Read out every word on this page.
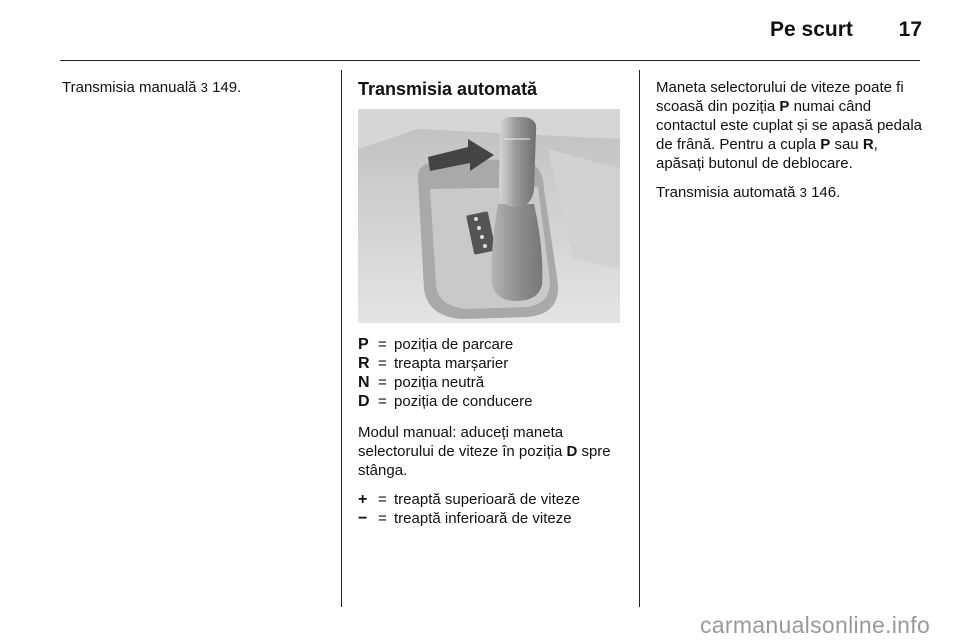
Pe scurt 17

Transmisia manuală 3 149.	Transmisia automată
P = poziția de parcare
R = treapta marșarier
N = poziția neutră
D = poziția de conducere

Modul manual: aduceți maneta selectorului de viteze în poziția D spre stânga.

+ = treaptă superioară de viteze
− = treaptă inferioară de viteze

Maneta selectorului de viteze poate fi scoasă din poziția P numai când contactul este cuplat și se apasă pedala de frână. Pentru a cupla P sau R, apăsați butonul de deblocare.

Transmisia automată 3 146.

carmanualsonline.info
